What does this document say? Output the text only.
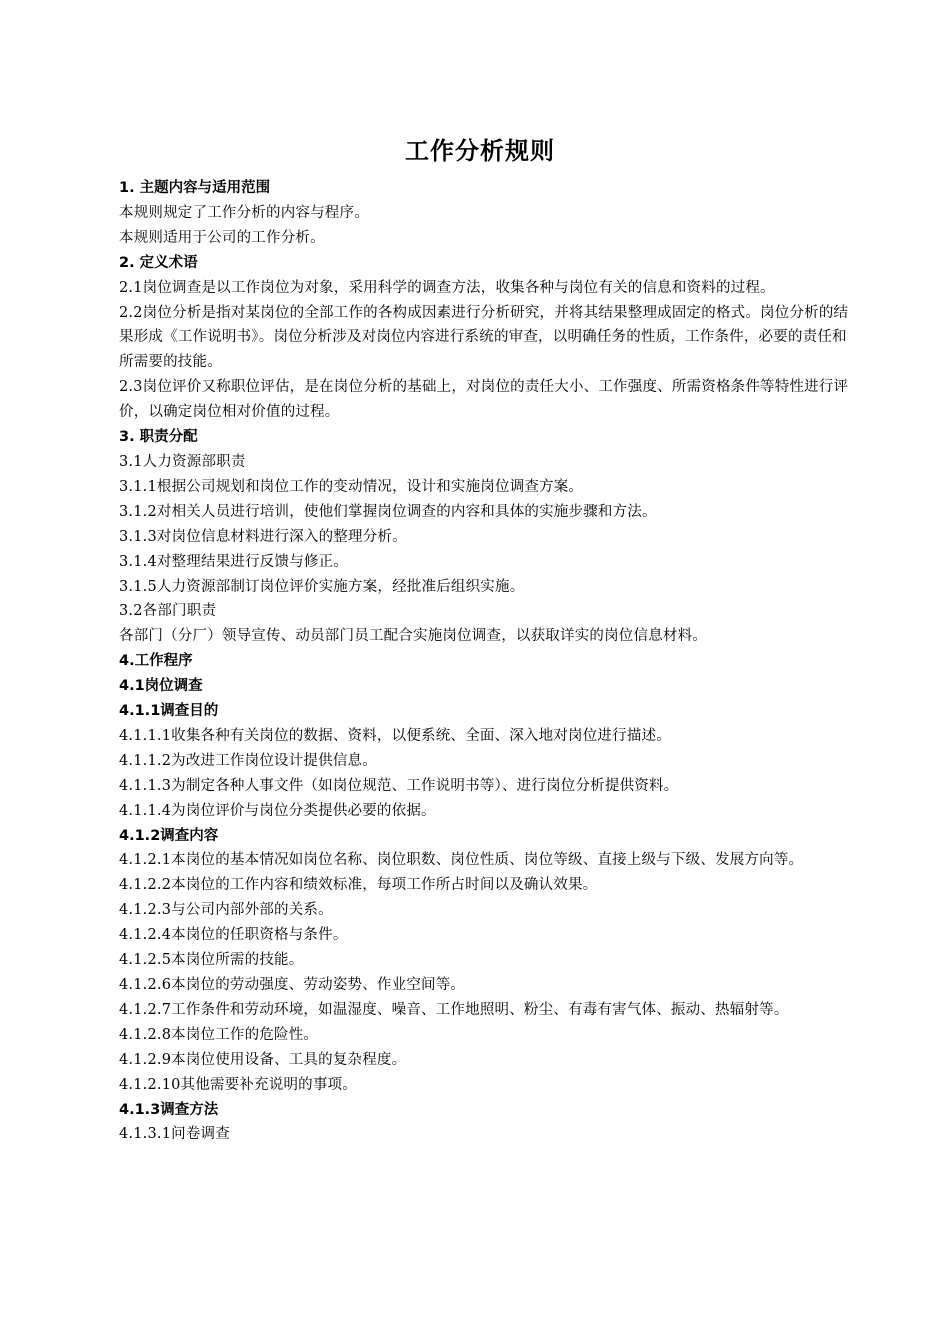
工作分析规则
1. 主题内容与适用范围
本规则规定了工作分析的内容与程序。
本规则适用于公司的工作分析。
2. 定义术语
2.1岗位调查是以工作岗位为对象，采用科学的调查方法，收集各种与岗位有关的信息和资料的过程。
2.2岗位分析是指对某岗位的全部工作的各构成因素进行分析研究，并将其结果整理成固定的格式。岗位分析的结果形成《工作说明书》。岗位分析涉及对岗位内容进行系统的审查，以明确任务的性质，工作条件，必要的责任和所需要的技能。
2.3岗位评价又称职位评估，是在岗位分析的基础上，对岗位的责任大小、工作强度、所需资格条件等特性进行评价，以确定岗位相对价值的过程。
3. 职责分配
3.1人力资源部职责
3.1.1根据公司规划和岗位工作的变动情况，设计和实施岗位调查方案。
3.1.2对相关人员进行培训，使他们掌握岗位调查的内容和具体的实施步骤和方法。
3.1.3对岗位信息材料进行深入的整理分析。
3.1.4对整理结果进行反馈与修正。
3.1.5人力资源部制订岗位评价实施方案，经批准后组织实施。
3.2各部门职责
各部门（分厂）领导宣传、动员部门员工配合实施岗位调查，以获取详实的岗位信息材料。
4.工作程序
4.1岗位调查
4.1.1调查目的
4.1.1.1收集各种有关岗位的数据、资料，以便系统、全面、深入地对岗位进行描述。
4.1.1.2为改进工作岗位设计提供信息。
4.1.1.3为制定各种人事文件（如岗位规范、工作说明书等）、进行岗位分析提供资料。
4.1.1.4为岗位评价与岗位分类提供必要的依据。
4.1.2调查内容
4.1.2.1本岗位的基本情况如岗位名称、岗位职数、岗位性质、岗位等级、直接上级与下级、发展方向等。
4.1.2.2本岗位的工作内容和绩效标准，每项工作所占时间以及确认效果。
4.1.2.3与公司内部外部的关系。
4.1.2.4本岗位的任职资格与条件。
4.1.2.5本岗位所需的技能。
4.1.2.6本岗位的劳动强度、劳动姿势、作业空间等。
4.1.2.7工作条件和劳动环境，如温湿度、噪音、工作地照明、粉尘、有毒有害气体、振动、热辐射等。
4.1.2.8本岗位工作的危险性。
4.1.2.9本岗位使用设备、工具的复杂程度。
4.1.2.10其他需要补充说明的事项。
4.1.3调查方法
4.1.3.1问卷调查
